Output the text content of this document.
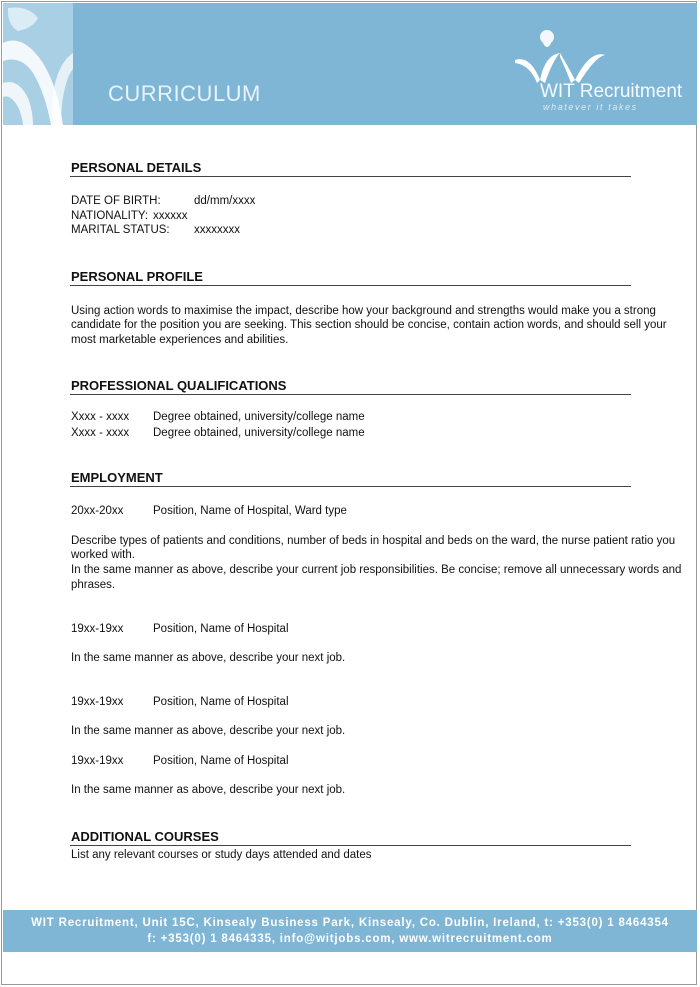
CURRICULUM	WIT Recruitment
whatever it takes
PERSONAL DETAILS
DATE OF BIRTH:	dd/mm/xxxx
NATIONALITY: xxxxxx
MARITAL STATUS: xxxxxxxx
PERSONAL PROFILE
Using action words to maximise the impact, describe how your background and strengths would make you a strong
candidate for the position you are seeking. This section should be concise, contain action words, and should sell your
most marketable experiences and abilities.
PROFESSIONAL QUALIFICATIONS
Xxxx - xxxx Degree obtained, university/college name
Xxxx - xxxx Degree obtained, university/college name
EMPLOYMENT
20xx-20xx	Position, Name of Hospital, Ward type
Describe types of patients and conditions, number of beds in hospital and beds on the ward, the nurse patient ratio you
worked with.
In the same manner as above, describe your current job responsibilities. Be concise; remove all unnecessary words and
phrases.
19xx-19xx	Position, Name of Hospital
In the same manner as above, describe your next job.
19xx-19xx	Position, Name of Hospital
In the same manner as above, describe your next job.
19xx-19xx	Position, Name of Hospital
In the same manner as above, describe your next job.
ADDITIONAL COURSES
List any relevant courses or study days attended and dates
WIT Recruitment, Unit 15C, Kinsealy Business Park, Kinsealy, Co. Dublin, Ireland, t: +353(0) 1 8464354
f: +353(0) 1 8464335, info@witjobs.com, www.witrecruitment.com
